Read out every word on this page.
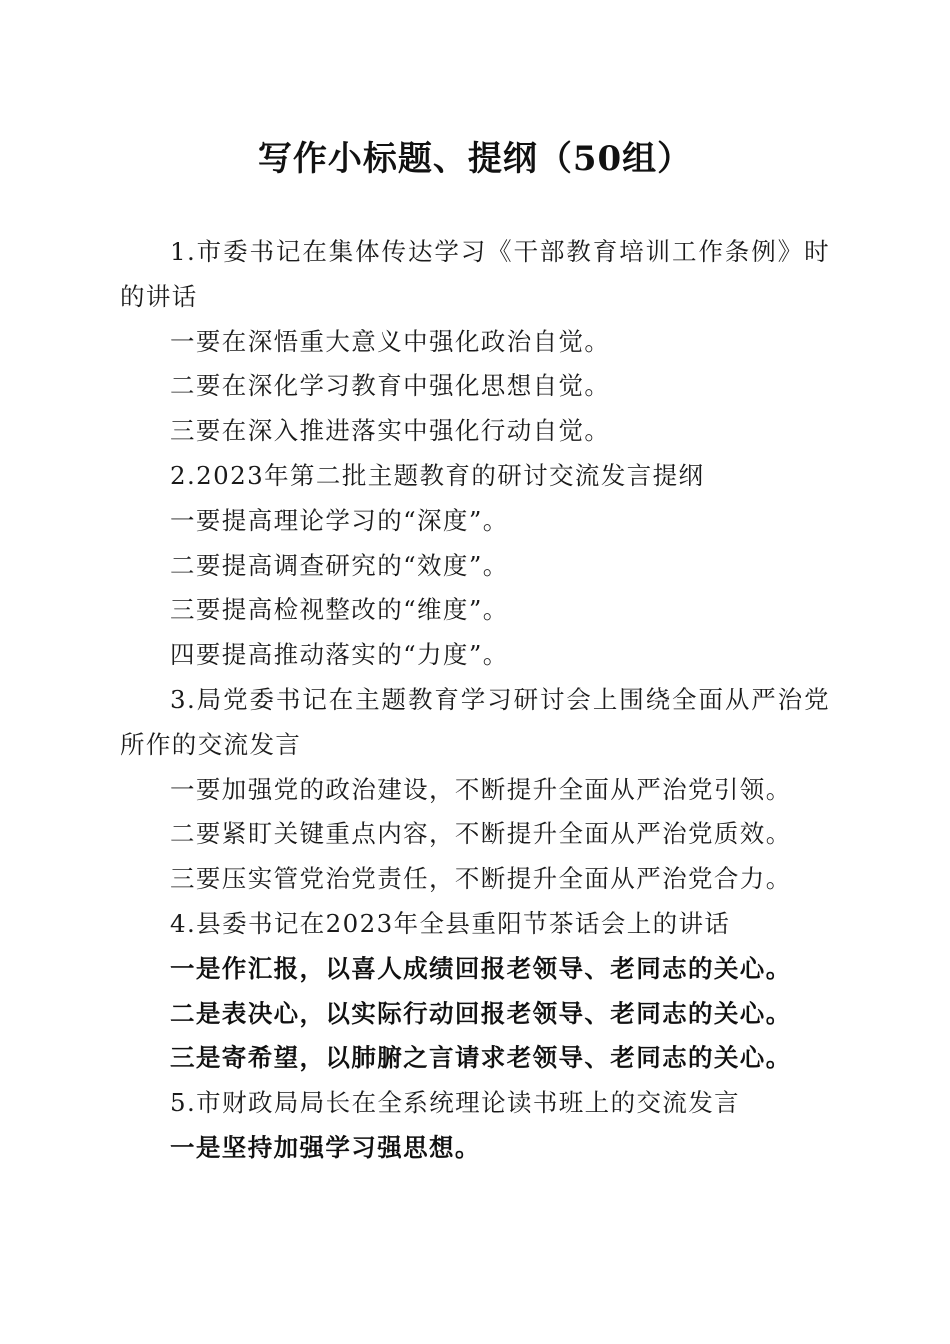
写作小标题、提纲（50组）

1.市委书记在集体传达学习《干部教育培训工作条例》时的讲话

一要在深悟重大意义中强化政治自觉。

二要在深化学习教育中强化思想自觉。

三要在深入推进落实中强化行动自觉。

2.2023年第二批主题教育的研讨交流发言提纲

一要提高理论学习的“深度”。

二要提高调查研究的“效度”。

三要提高检视整改的“维度”。

四要提高推动落实的“力度”。

3.局党委书记在主题教育学习研讨会上围绕全面从严治党所作的交流发言

一要加强党的政治建设，不断提升全面从严治党引领。

二要紧盯关键重点内容，不断提升全面从严治党质效。

三要压实管党治党责任，不断提升全面从严治党合力。

4.县委书记在2023年全县重阳节茶话会上的讲话

一是作汇报，以喜人成绩回报老领导、老同志的关心。

二是表决心，以实际行动回报老领导、老同志的关心。

三是寄希望，以肺腑之言请求老领导、老同志的关心。

5.市财政局局长在全系统理论读书班上的交流发言

一是坚持加强学习强思想。
